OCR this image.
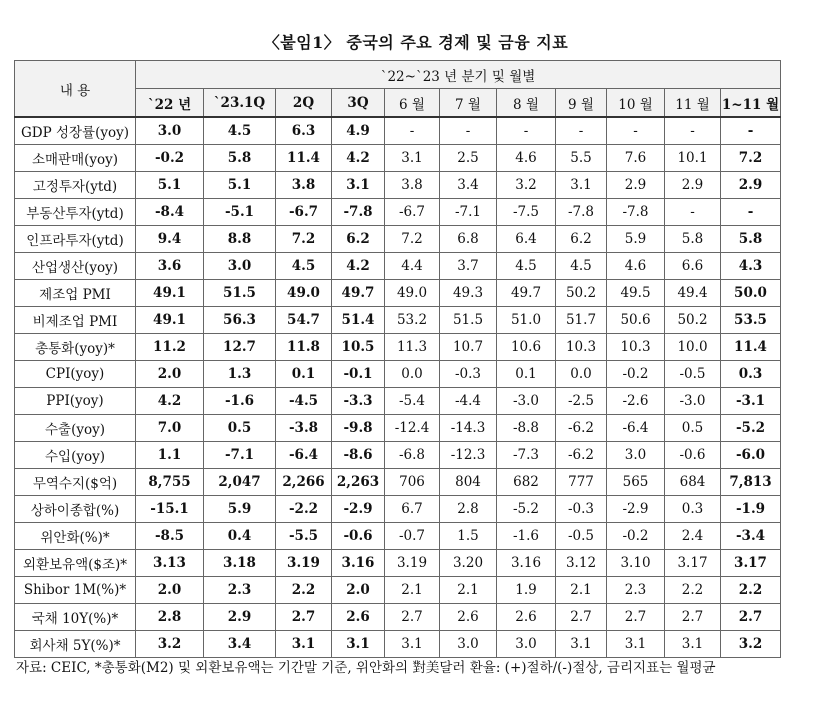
〈붙임1〉 중국의 주요 경제 및 금융 지표
내 용	`22~`23 년 분기 및 월별										
	`22 년	`23.1Q	2Q	3Q	6 월	7 월	8 월	9 월	10 월	11 월	1~11 월
GDP 성장률(yoy)	3.0	4.5	6.3	4.9	-	-	-	-	-	-	-
소매판매(yoy)	-0.2	5.8	11.4	4.2	3.1	2.5	4.6	5.5	7.6	10.1	7.2
고정투자(ytd)	5.1	5.1	3.8	3.1	3.8	3.4	3.2	3.1	2.9	2.9	2.9
부동산투자(ytd)	-8.4	-5.1	-6.7	-7.8	-6.7	-7.1	-7.5	-7.8	-7.8	-	-
인프라투자(ytd)	9.4	8.8	7.2	6.2	7.2	6.8	6.4	6.2	5.9	5.8	5.8
산업생산(yoy)	3.6	3.0	4.5	4.2	4.4	3.7	4.5	4.5	4.6	6.6	4.3
제조업 PMI	49.1	51.5	49.0	49.7	49.0	49.3	49.7	50.2	49.5	49.4	50.0
비제조업 PMI	49.1	56.3	54.7	51.4	53.2	51.5	51.0	51.7	50.6	50.2	53.5
총통화(yoy)*	11.2	12.7	11.8	10.5	11.3	10.7	10.6	10.3	10.3	10.0	11.4
CPI(yoy)	2.0	1.3	0.1	-0.1	0.0	-0.3	0.1	0.0	-0.2	-0.5	0.3
PPI(yoy)	4.2	-1.6	-4.5	-3.3	-5.4	-4.4	-3.0	-2.5	-2.6	-3.0	-3.1
수출(yoy)	7.0	0.5	-3.8	-9.8	-12.4	-14.3	-8.8	-6.2	-6.4	0.5	-5.2
수입(yoy)	1.1	-7.1	-6.4	-8.6	-6.8	-12.3	-7.3	-6.2	3.0	-0.6	-6.0
무역수지($억)	8,755	2,047	2,266	2,263	706	804	682	777	565	684	7,813
상하이종합(%)	-15.1	5.9	-2.2	-2.9	6.7	2.8	-5.2	-0.3	-2.9	0.3	-1.9
위안화(%)*	-8.5	0.4	-5.5	-0.6	-0.7	1.5	-1.6	-0.5	-0.2	2.4	-3.4
외환보유액($조)*	3.13	3.18	3.19	3.16	3.19	3.20	3.16	3.12	3.10	3.17	3.17
Shibor 1M(%)*	2.0	2.3	2.2	2.0	2.1	2.1	1.9	2.1	2.3	2.2	2.2
국채 10Y(%)*	2.8	2.9	2.7	2.6	2.7	2.6	2.6	2.7	2.7	2.7	2.7
회사채 5Y(%)*	3.2	3.4	3.1	3.1	3.1	3.0	3.0	3.1	3.1	3.1	3.2
자료: CEIC, *총통화(M2) 및 외환보유액는 기간말 기준, 위안화의 對美달러 환율: (+)절하/(-)절상, 금리지표는 월평균
